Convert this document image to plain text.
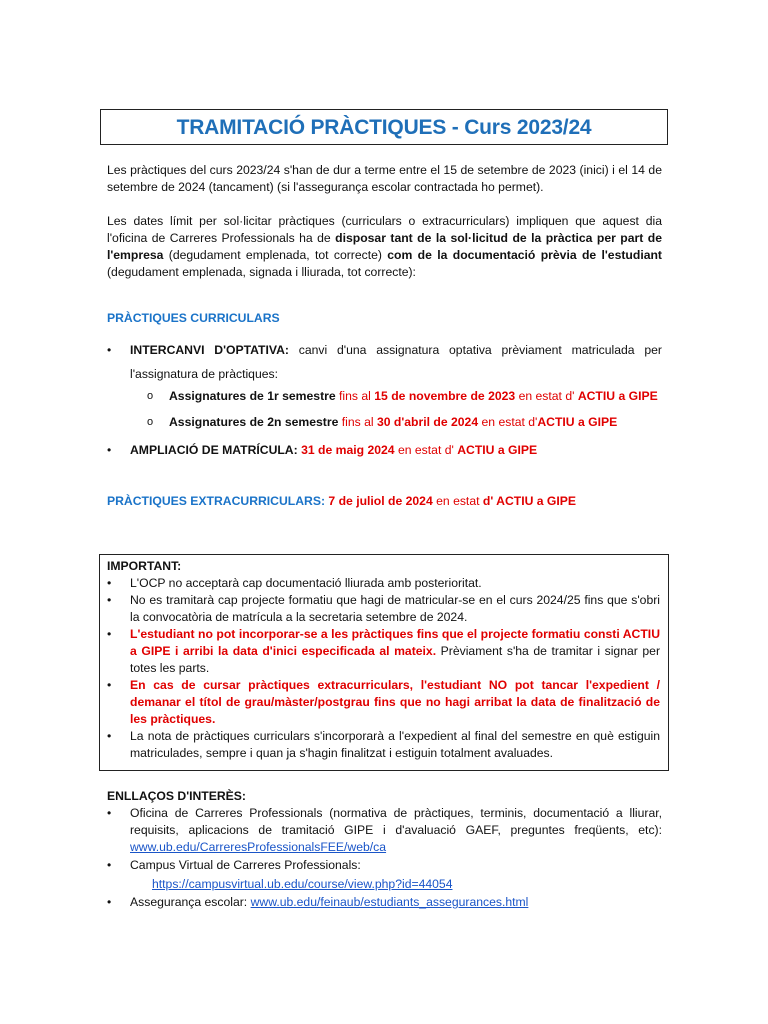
TRAMITACIÓ PRÀCTIQUES - Curs 2023/24

Les pràctiques del curs 2023/24 s'han de dur a terme entre el 15 de setembre de 2023 (inici) i el 14 de setembre de 2024 (tancament) (si l'assegurança escolar contractada ho permet).

Les dates límit per sol·licitar pràctiques (curriculars o extracurriculars) impliquen que aquest dia l'oficina de Carreres Professionals ha de disposar tant de la sol·licitud de la pràctica per part de l'empresa (degudament emplenada, tot correcte) com de la documentació prèvia de l'estudiant (degudament emplenada, signada i lliurada, tot correcte):

PRÀCTIQUES CURRICULARS
•	INTERCANVI D'OPTATIVA: canvi d'una assignatura optativa prèviament matriculada per l'assignatura de pràctiques:
o	Assignatures de 1r semestre fins al 15 de novembre de 2023 en estat d' ACTIU a GIPE
o	Assignatures de 2n semestre fins al 30 d'abril de 2024 en estat d'ACTIU a GIPE
•	AMPLIACIÓ DE MATRÍCULA: 31 de maig 2024 en estat d' ACTIU a GIPE
PRÀCTIQUES EXTRACURRICULARS: 7 de juliol de 2024 en estat d' ACTIU a GIPE
IMPORTANT:
•	L'OCP no acceptarà cap documentació lliurada amb posterioritat.
•	No es tramitarà cap projecte formatiu que hagi de matricular-se en el curs 2024/25 fins que s'obri la convocatòria de matrícula a la secretaria setembre de 2024.
•	L'estudiant no pot incorporar-se a les pràctiques fins que el projecte formatiu consti ACTIU a GIPE i arribi la data d'inici especificada al mateix. Prèviament s'ha de tramitar i signar per totes les parts.
•	En cas de cursar pràctiques extracurriculars, l'estudiant NO pot tancar l'expedient / demanar el títol de grau/màster/postgrau fins que no hagi arribat la data de finalització de les pràctiques.
•	La nota de pràctiques curriculars s'incorporarà a l'expedient al final del semestre en què estiguin matriculades, sempre i quan ja s'hagin finalitzat i estiguin totalment avaluades.
ENLLAÇOS D'INTERÈS:
•	Oficina de Carreres Professionals (normativa de pràctiques, terminis, documentació a lliurar, requisits, aplicacions de tramitació GIPE i d'avaluació GAEF, preguntes freqüents, etc): www.ub.edu/CarreresProfessionalsFEE/web/ca
•	Campus Virtual de Carreres Professionals:
https://campusvirtual.ub.edu/course/view.php?id=44054
•	Assegurança escolar: www.ub.edu/feinaub/estudiants_assegurances.html
